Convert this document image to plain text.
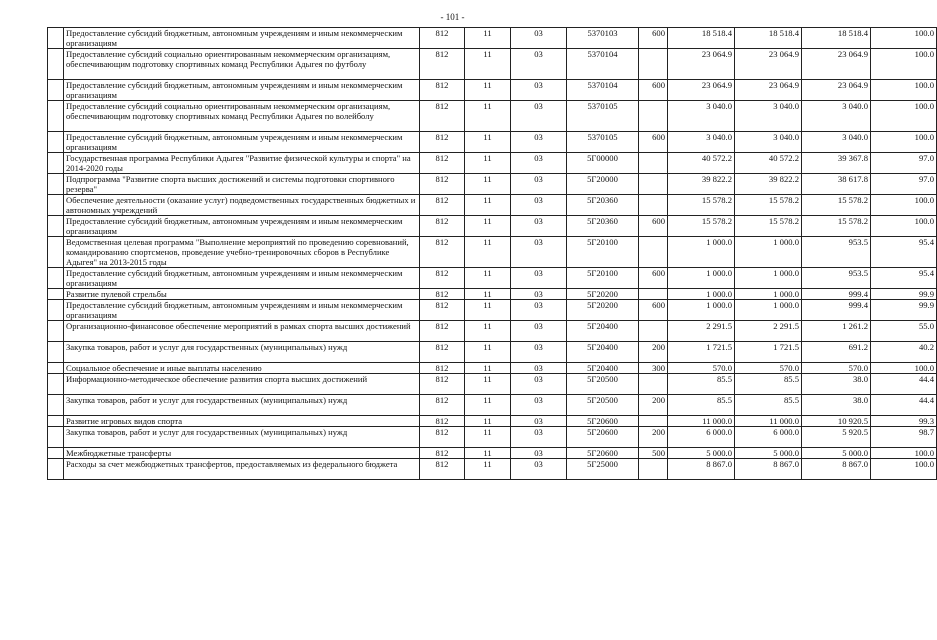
- 101 -
	Предоставление субсидий бюджетным, автономным учреждениям и иным некоммерческим организациям	812	11	03	5370103	600	18 518.4	18 518.4	18 518.4	100.0
	Предоставление субсидий социально ориентированным некоммерческим организациям, обеспечивающим подготовку спортивных команд Республики Адыгея по футболу	812	11	03	5370104		23 064.9	23 064.9	23 064.9	100.0
	Предоставление субсидий бюджетным, автономным учреждениям и иным некоммерческим организациям	812	11	03	5370104	600	23 064.9	23 064.9	23 064.9	100.0
	Предоставление субсидий социально ориентированным некоммерческим организациям, обеспечивающим подготовку спортивных команд Республики Адыгея по волейболу	812	11	03	5370105		3 040.0	3 040.0	3 040.0	100.0
	Предоставление субсидий бюджетным, автономным учреждениям и иным некоммерческим организациям	812	11	03	5370105	600	3 040.0	3 040.0	3 040.0	100.0
	Государственная программа Республики Адыгея "Развитие физической культуры и спорта" на 2014-2020 годы	812	11	03	5Г00000		40 572.2	40 572.2	39 367.8	97.0
	Подпрограмма "Развитие спорта высших достижений и системы подготовки спортивного резерва"	812	11	03	5Г20000		39 822.2	39 822.2	38 617.8	97.0
	Обеспечение деятельности (оказание услуг) подведомственных государственных бюджетных и автономных учреждений	812	11	03	5Г20360		15 578.2	15 578.2	15 578.2	100.0
	Предоставление субсидий бюджетным, автономным учреждениям и иным некоммерческим организациям	812	11	03	5Г20360	600	15 578.2	15 578.2	15 578.2	100.0
	Ведомственная целевая программа "Выполнение мероприятий по проведению соревнований, командированию спортсменов, проведение учебно-тренировочных сборов в Республике Адыгея" на 2013-2015 годы	812	11	03	5Г20100		1 000.0	1 000.0	953.5	95.4
	Предоставление субсидий бюджетным, автономным учреждениям и иным некоммерческим организациям	812	11	03	5Г20100	600	1 000.0	1 000.0	953.5	95.4
	Развитие пулевой стрельбы	812	11	03	5Г20200		1 000.0	1 000.0	999.4	99.9
	Предоставление субсидий бюджетным, автономным учреждениям и иным некоммерческим организациям	812	11	03	5Г20200	600	1 000.0	1 000.0	999.4	99.9
	Организационно-финансовое обеспечение мероприятий в рамках спорта высших достижений	812	11	03	5Г20400		2 291.5	2 291.5	1 261.2	55.0
	Закупка товаров, работ и услуг для государственных (муниципальных) нужд	812	11	03	5Г20400	200	1 721.5	1 721.5	691.2	40.2
	Социальное обеспечение и иные выплаты населению	812	11	03	5Г20400	300	570.0	570.0	570.0	100.0
	Информационно-методическое обеспечение развития спорта высших достижений	812	11	03	5Г20500		85.5	85.5	38.0	44.4
	Закупка товаров, работ и услуг для государственных (муниципальных) нужд	812	11	03	5Г20500	200	85.5	85.5	38.0	44.4
	Развитие игровых видов спорта	812	11	03	5Г20600		11 000.0	11 000.0	10 920.5	99.3
	Закупка товаров, работ и услуг для государственных (муниципальных) нужд	812	11	03	5Г20600	200	6 000.0	6 000.0	5 920.5	98.7
	Межбюджетные трансферты	812	11	03	5Г20600	500	5 000.0	5 000.0	5 000.0	100.0
	Расходы за счет межбюджетных трансфертов, предоставляемых из федерального бюджета	812	11	03	5Г25000		8 867.0	8 867.0	8 867.0	100.0
